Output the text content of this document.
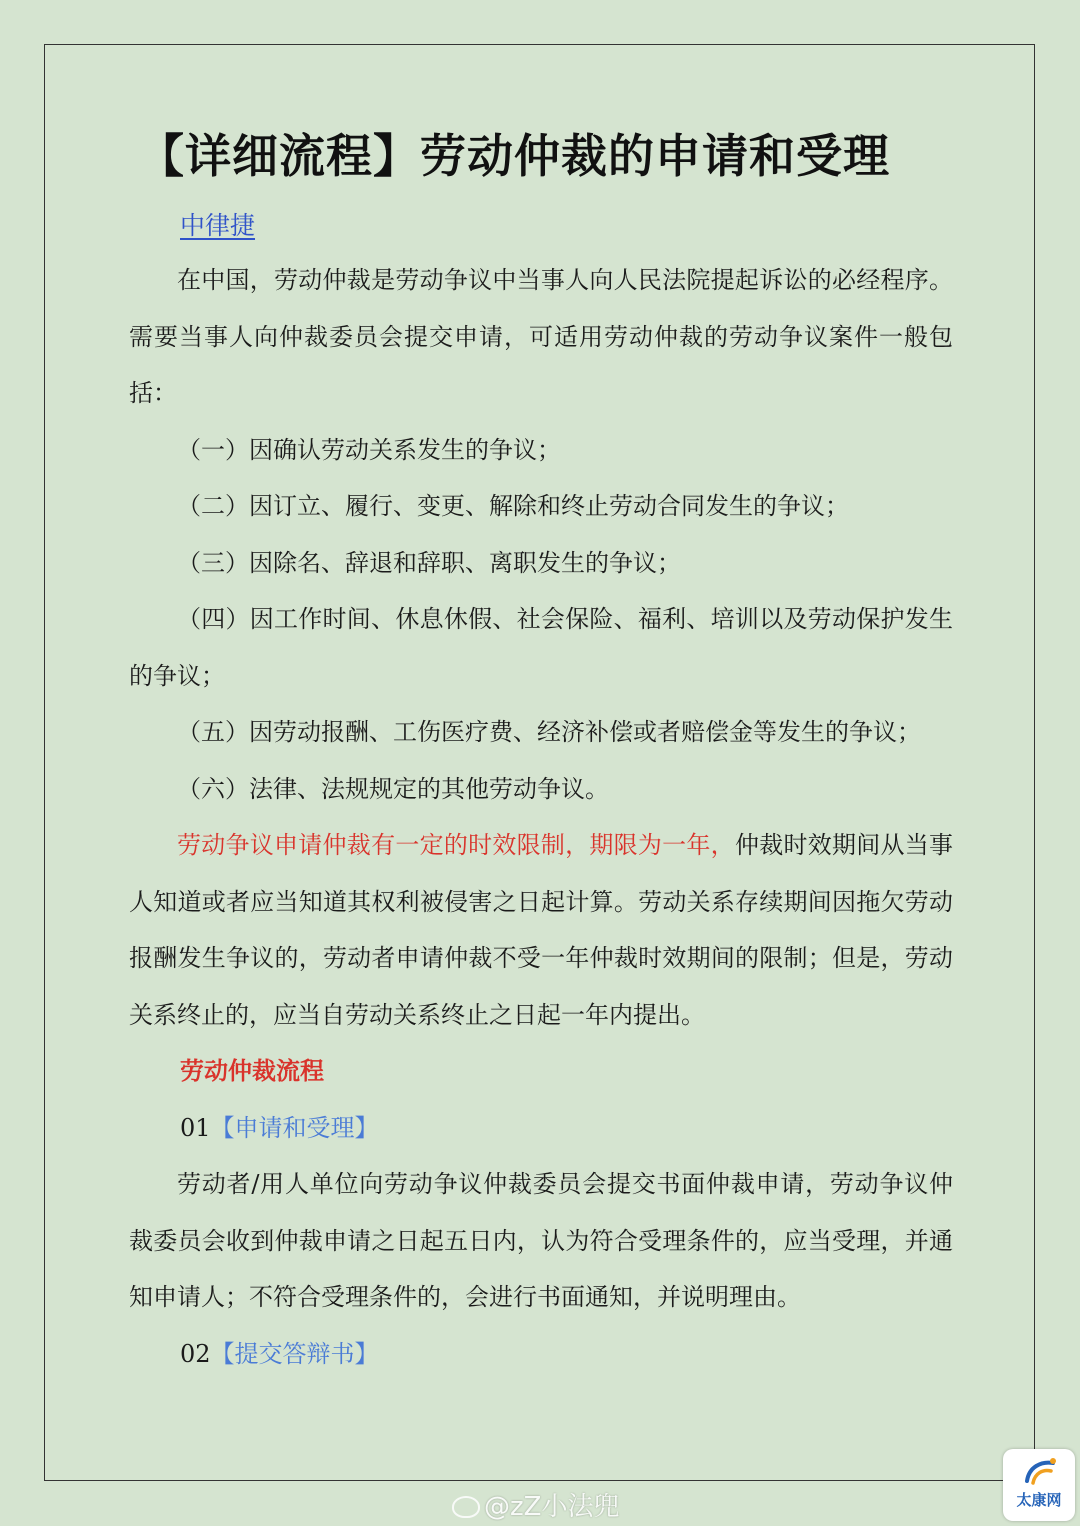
【详细流程】劳动仲裁的申请和受理
中律捷

在中国，劳动仲裁是劳动争议中当事人向人民法院提起诉讼的必经程序。需要当事人向仲裁委员会提交申请，可适用劳动仲裁的劳动争议案件一般包括：

（一）因确认劳动关系发生的争议；

（二）因订立、履行、变更、解除和终止劳动合同发生的争议；

（三）因除名、辞退和辞职、离职发生的争议；

（四）因工作时间、休息休假、社会保险、福利、培训以及劳动保护发生的争议；

（五）因劳动报酬、工伤医疗费、经济补偿或者赔偿金等发生的争议；

（六）法律、法规规定的其他劳动争议。

劳动争议申请仲裁有一定的时效限制，期限为一年，仲裁时效期间从当事人知道或者应当知道其权利被侵害之日起计算。劳动关系存续期间因拖欠劳动报酬发生争议的，劳动者申请仲裁不受一年仲裁时效期间的限制；但是，劳动关系终止的，应当自劳动关系终止之日起一年内提出。

劳动仲裁流程

01【申请和受理】

劳动者/用人单位向劳动争议仲裁委员会提交书面仲裁申请，劳动争议仲裁委员会收到仲裁申请之日起五日内，认为符合受理条件的，应当受理，并通知申请人；不符合受理条件的，会进行书面通知，并说明理由。

02【提交答辩书】

@zZ小法兜	太康网
